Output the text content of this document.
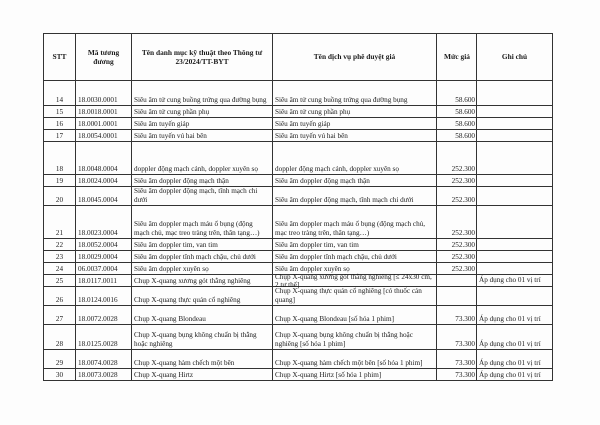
STT	Mã tương đương	Tên danh mục kỹ thuật theo Thông tư 23/2024/TT-BYT	Tên dịch vụ phê duyệt giá	Mức giá	Ghi chú
14	18.0030.0001	Siêu âm tử cung buồng trứng qua đường bụng	Siêu âm tử cung buồng trứng qua đường bụng	58.600	
15	18.0018.0001	Siêu âm tử cung phần phụ	Siêu âm tử cung phần phụ	58.600	
16	18.0001.0001	Siêu âm tuyến giáp	Siêu âm tuyến giáp	58.600	
17	18.0054.0001	Siêu âm tuyến vú hai bên	Siêu âm tuyến vú hai bên	58.600	
18	18.0048.0004	doppler động mạch cảnh, doppler xuyên sọ	doppler động mạch cảnh, doppler xuyên sọ	252.300	
19	18.0024.0004	Siêu âm doppler động mạch thận	Siêu âm doppler động mạch thận	252.300	
20	18.0045.0004	Siêu âm doppler động mạch, tĩnh mạch chi dưới	Siêu âm doppler động mạch, tĩnh mạch chi dưới	252.300	
21	18.0023.0004	Siêu âm doppler mạch máu ổ bụng (động mạch chủ, mạc treo tràng trên, thân tạng…)	Siêu âm doppler mạch máu ổ bụng (động mạch chủ, mạc treo tràng trên, thân tạng…)	252.300	
22	18.0052.0004	Siêu âm doppler tim, van tim	Siêu âm doppler tim, van tim	252.300	
23	18.0029.0004	Siêu âm doppler tĩnh mạch chậu, chủ dưới	Siêu âm doppler tĩnh mạch chậu, chủ dưới	252.300	
24	06.0037.0004	Siêu âm doppler xuyên sọ	Siêu âm doppler xuyên sọ	252.300	
25	18.0117.0011	Chụp X-quang xương gót thẳng nghiêng	Chụp X-quang xương gót thẳng nghiêng [≤ 24x30 cm, 2 tư thế]		Áp dụng cho 01 vị trí
26	18.0124.0016	Chụp X-quang thực quản cổ nghiêng	Chụp X-quang thực quản cổ nghiêng [có thuốc cản quang]		
27	18.0072.0028	Chụp X-quang Blondeau	Chụp X-quang Blondeau [số hóa 1 phim]	73.300	Áp dụng cho 01 vị trí
28	18.0125.0028	Chụp X-quang bụng không chuẩn bị thẳng hoặc nghiêng	Chụp X-quang bụng không chuẩn bị thẳng hoặc nghiêng [số hóa 1 phim]	73.300	Áp dụng cho 01 vị trí
29	18.0074.0028	Chụp X-quang hàm chếch một bên	Chụp X-quang hàm chếch một bên [số hóa 1 phim]	73.300	Áp dụng cho 01 vị trí
30	18.0073.0028	Chụp X-quang Hirtz	Chụp X-quang Hirtz [số hóa 1 phim]	73.300	Áp dụng cho 01 vị trí
